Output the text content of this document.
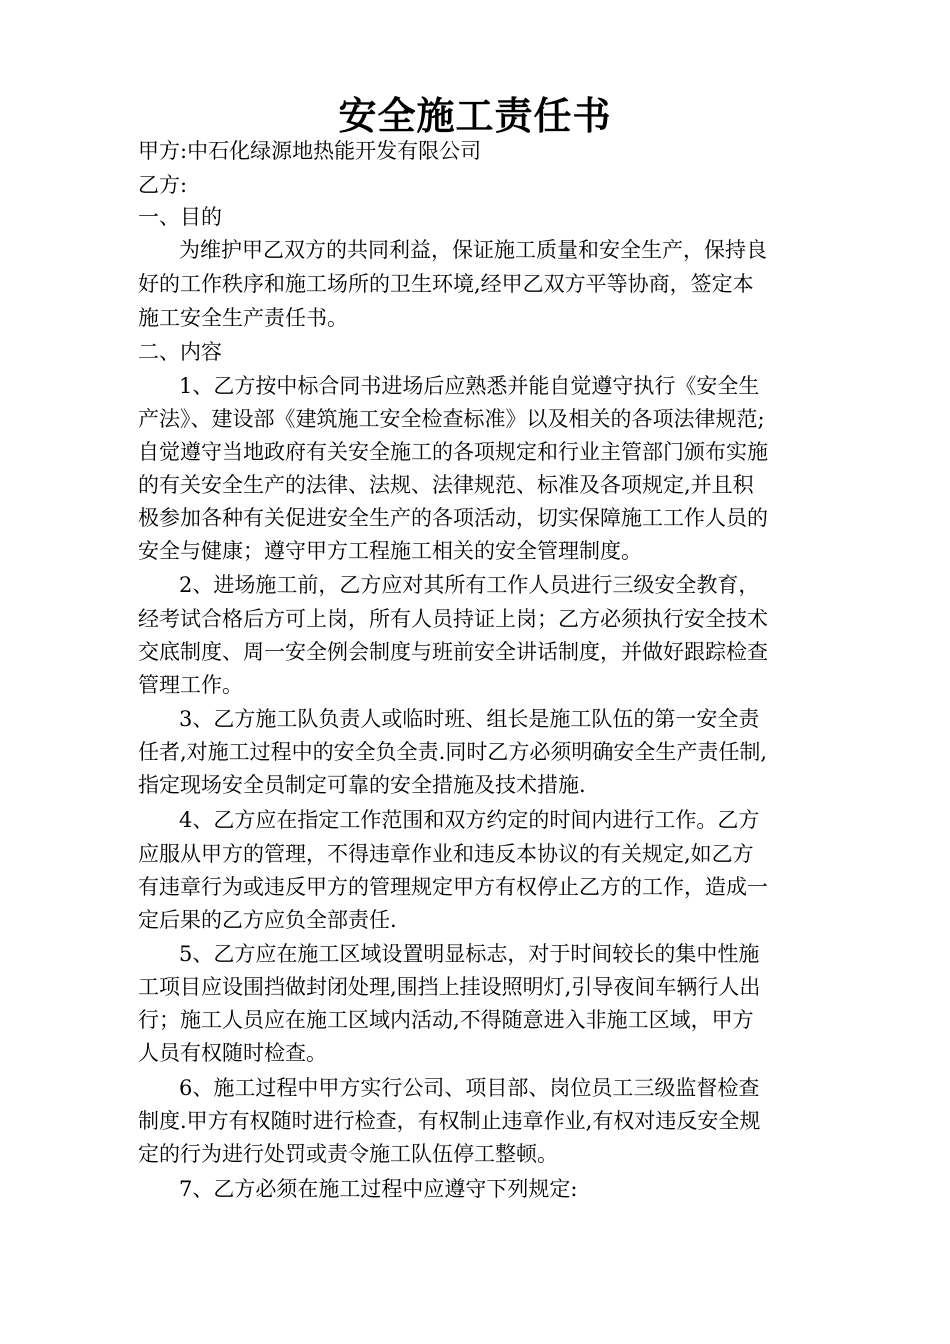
安全施工责任书
甲方:中石化绿源地热能开发有限公司
乙方:
一、目的
为维护甲乙双方的共同利益，保证施工质量和安全生产，保持良
好的工作秩序和施工场所的卫生环境,经甲乙双方平等协商，签定本
施工安全生产责任书。
二、内容
1、乙方按中标合同书进场后应熟悉并能自觉遵守执行《安全生
产法》、建设部《建筑施工安全检查标准》以及相关的各项法律规范;
自觉遵守当地政府有关安全施工的各项规定和行业主管部门颁布实施
的有关安全生产的法律、法规、法律规范、标准及各项规定,并且积
极参加各种有关促进安全生产的各项活动，切实保障施工工作人员的
安全与健康；遵守甲方工程施工相关的安全管理制度。
2、进场施工前，乙方应对其所有工作人员进行三级安全教育，
经考试合格后方可上岗，所有人员持证上岗；乙方必须执行安全技术
交底制度、周一安全例会制度与班前安全讲话制度，并做好跟踪检查
管理工作。
3、乙方施工队负责人或临时班、组长是施工队伍的第一安全责
任者,对施工过程中的安全负全责.同时乙方必须明确安全生产责任制,
指定现场安全员制定可靠的安全措施及技术措施.
4、乙方应在指定工作范围和双方约定的时间内进行工作。乙方
应服从甲方的管理，不得违章作业和违反本协议的有关规定,如乙方
有违章行为或违反甲方的管理规定甲方有权停止乙方的工作，造成一
定后果的乙方应负全部责任.
5、乙方应在施工区域设置明显标志，对于时间较长的集中性施
工项目应设围挡做封闭处理,围挡上挂设照明灯,引导夜间车辆行人出
行；施工人员应在施工区域内活动,不得随意进入非施工区域，甲方
人员有权随时检查。
6、施工过程中甲方实行公司、项目部、岗位员工三级监督检查
制度.甲方有权随时进行检查，有权制止违章作业,有权对违反安全规
定的行为进行处罚或责令施工队伍停工整顿。
7、乙方必须在施工过程中应遵守下列规定:
